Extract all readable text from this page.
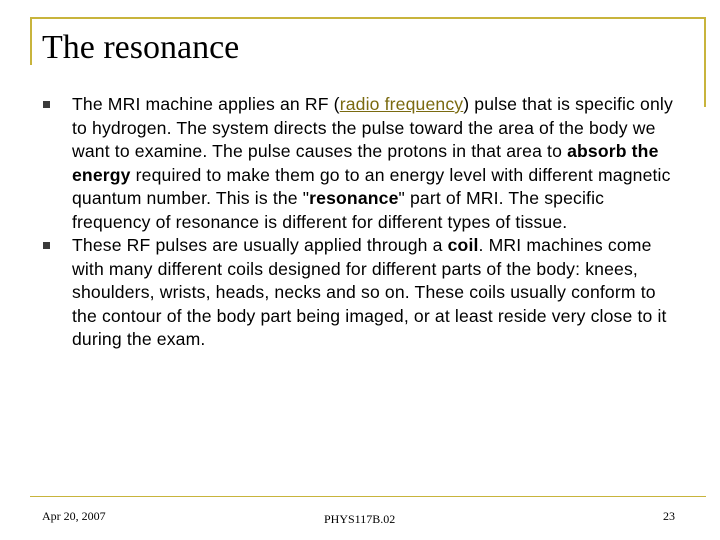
The resonance
The MRI machine applies an RF (radio frequency) pulse that is specific only to hydrogen. The system directs the pulse toward the area of the body we want to examine. The pulse causes the protons in that area to absorb the energy required to make them go to an energy level with different magnetic quantum number. This is the "resonance" part of MRI. The specific frequency of resonance is different for different types of tissue.
These RF pulses are usually applied through a coil. MRI machines come with many different coils designed for different parts of the body: knees, shoulders, wrists, heads, necks and so on. These coils usually conform to the contour of the body part being imaged, or at least reside very close to it during the exam.
Apr 20, 2007	PHYS117B.02	23
